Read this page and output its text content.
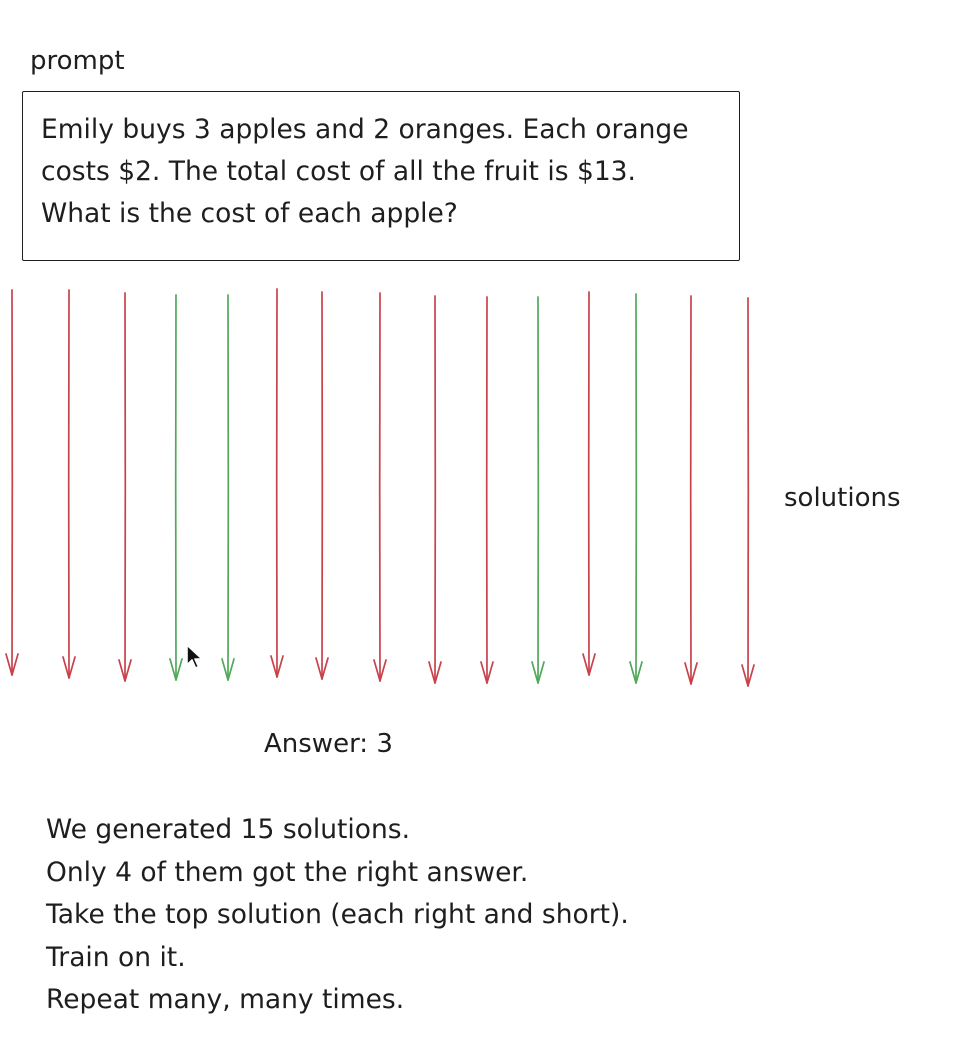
prompt
Emily buys 3 apples and 2 oranges. Each orange
costs $2. The total cost of all the fruit is $13.
What is the cost of each apple?
solutions
Answer: 3
We generated 15 solutions.
Only 4 of them got the right answer.
Take the top solution (each right and short).
Train on it.
Repeat many, many times.
